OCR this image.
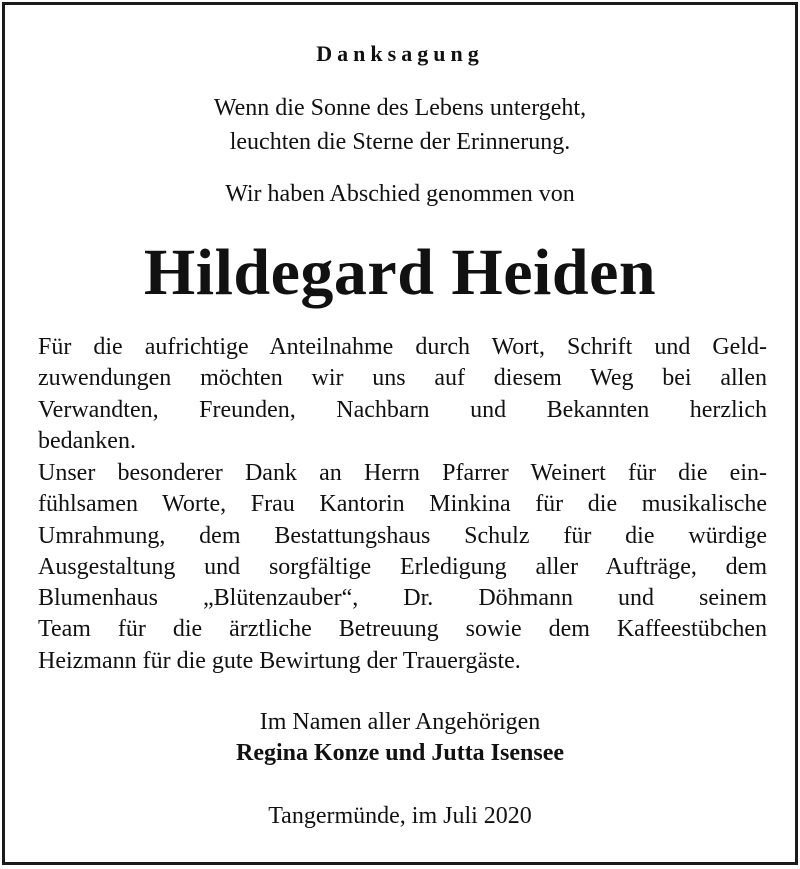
Danksagung
Wenn die Sonne des Lebens untergeht,
leuchten die Sterne der Erinnerung.
Wir haben Abschied genommen von
Hildegard Heiden
Für die aufrichtige Anteilnahme durch Wort, Schrift und Geld-
zuwendungen möchten wir uns auf diesem Weg bei allen
Verwandten, Freunden, Nachbarn und Bekannten herzlich
bedanken.
Unser besonderer Dank an Herrn Pfarrer Weinert für die ein-
fühlsamen Worte, Frau Kantorin Minkina für die musikalische
Umrahmung, dem Bestattungshaus Schulz für die würdige
Ausgestaltung und sorgfältige Erledigung aller Aufträge, dem
Blumenhaus „Blütenzauber“, Dr. Döhmann und seinem
Team für die ärztliche Betreuung sowie dem Kaffeestübchen
Heizmann für die gute Bewirtung der Trauergäste.
Im Namen aller Angehörigen
Regina Konze und Jutta Isensee
Tangermünde, im Juli 2020
